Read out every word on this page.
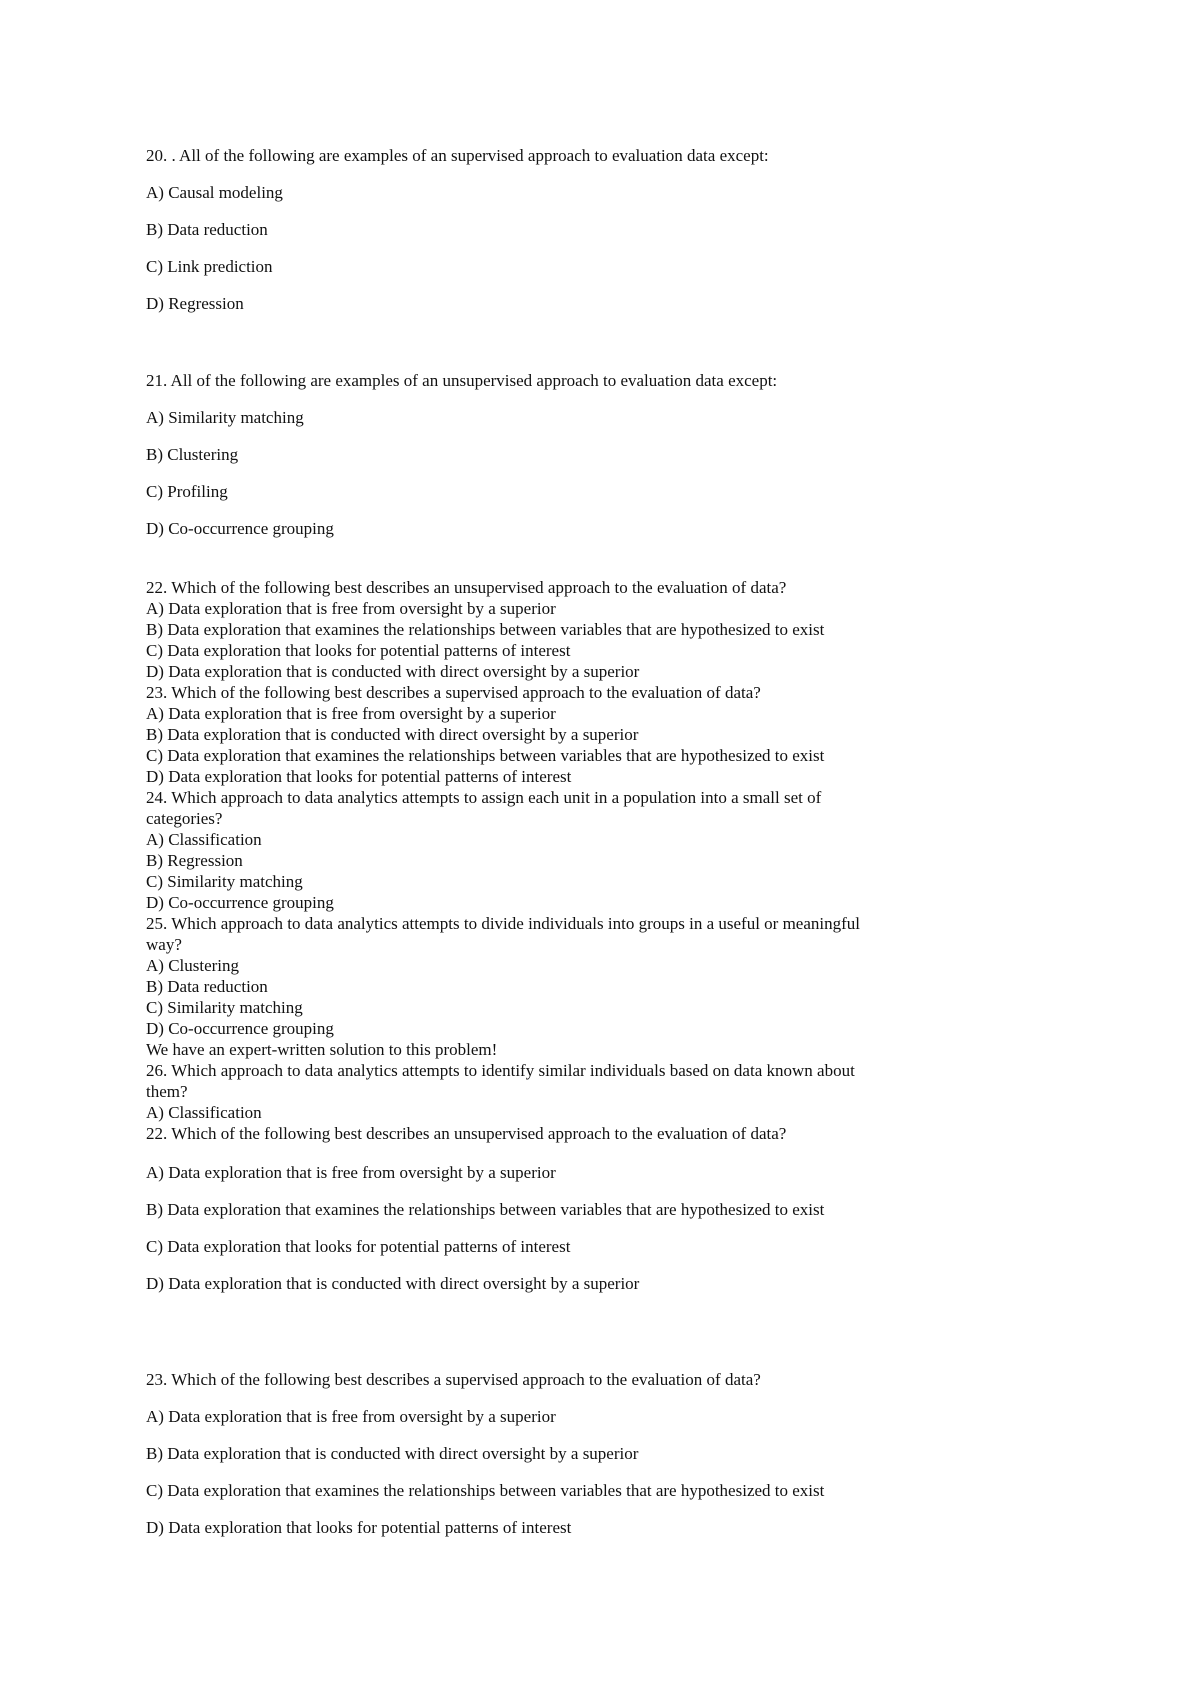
20. . All of the following are examples of an supervised approach to evaluation data except:
A) Causal modeling
B) Data reduction
C) Link prediction
D) Regression
21. All of the following are examples of an unsupervised approach to evaluation data except:
A) Similarity matching
B) Clustering
C) Profiling
D) Co-occurrence grouping
22. Which of the following best describes an unsupervised approach to the evaluation of data?
A) Data exploration that is free from oversight by a superior
B) Data exploration that examines the relationships between variables that are hypothesized to exist
C) Data exploration that looks for potential patterns of interest
D) Data exploration that is conducted with direct oversight by a superior
23. Which of the following best describes a supervised approach to the evaluation of data?
A) Data exploration that is free from oversight by a superior
B) Data exploration that is conducted with direct oversight by a superior
C) Data exploration that examines the relationships between variables that are hypothesized to exist
D) Data exploration that looks for potential patterns of interest
24. Which approach to data analytics attempts to assign each unit in a population into a small set of
categories?
A) Classification
B) Regression
C) Similarity matching
D) Co-occurrence grouping
25. Which approach to data analytics attempts to divide individuals into groups in a useful or meaningful
way?
A) Clustering
B) Data reduction
C) Similarity matching
D) Co-occurrence grouping
We have an expert-written solution to this problem!
26. Which approach to data analytics attempts to identify similar individuals based on data known about
them?
A) Classification
22. Which of the following best describes an unsupervised approach to the evaluation of data?
A) Data exploration that is free from oversight by a superior
B) Data exploration that examines the relationships between variables that are hypothesized to exist
C) Data exploration that looks for potential patterns of interest
D) Data exploration that is conducted with direct oversight by a superior
23. Which of the following best describes a supervised approach to the evaluation of data?
A) Data exploration that is free from oversight by a superior
B) Data exploration that is conducted with direct oversight by a superior
C) Data exploration that examines the relationships between variables that are hypothesized to exist
D) Data exploration that looks for potential patterns of interest
